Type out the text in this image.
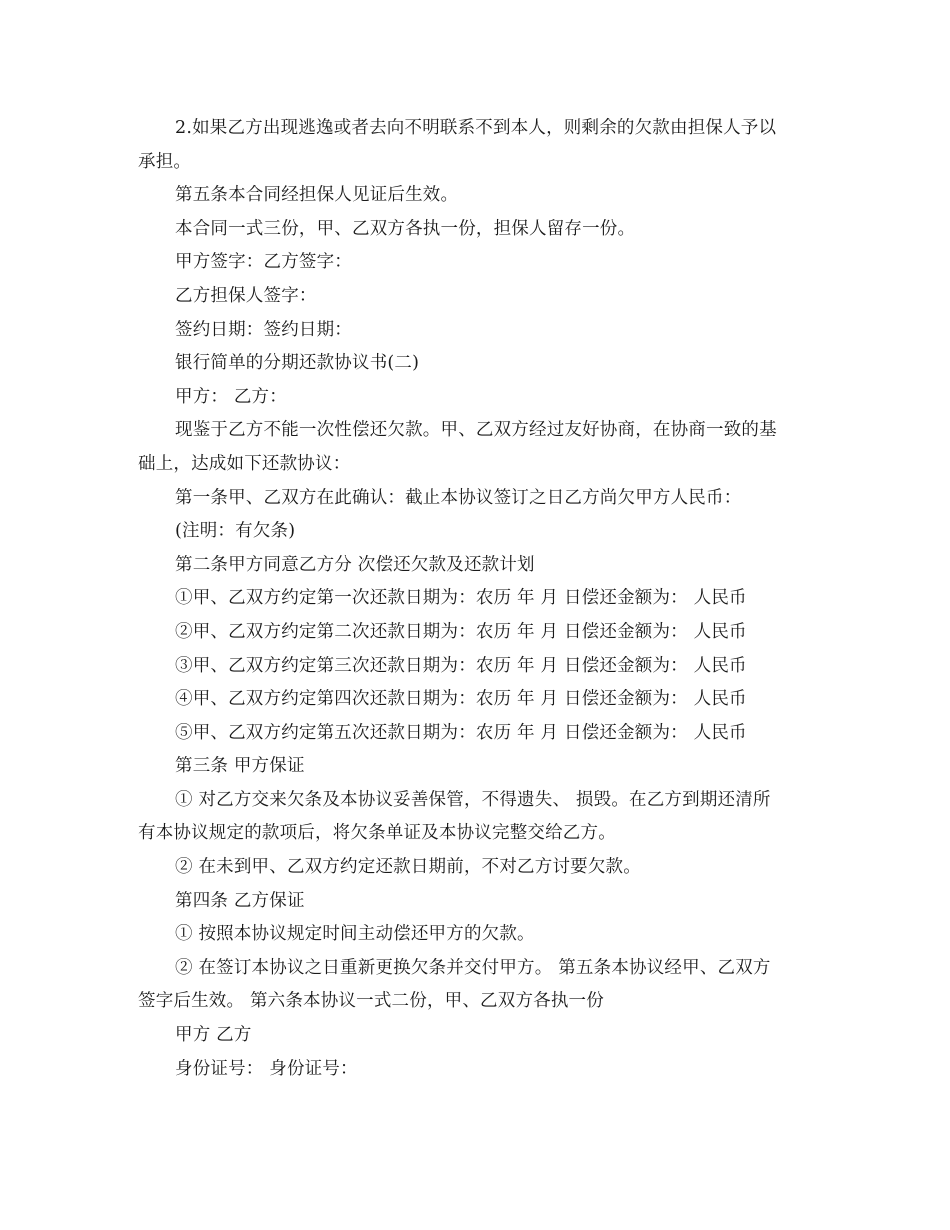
2.如果乙方出现逃逸或者去向不明联系不到本人，则剩余的欠款由担保人予以

承担。

第五条本合同经担保人见证后生效。

本合同一式三份，甲、乙双方各执一份，担保人留存一份。

甲方签字：乙方签字：

乙方担保人签字：

签约日期：签约日期：

银行简单的分期还款协议书(二)

甲方： 乙方：

现鉴于乙方不能一次性偿还欠款。甲、乙双方经过友好协商，在协商一致的基

础上，达成如下还款协议：

第一条甲、乙双方在此确认：截止本协议签订之日乙方尚欠甲方人民币：

(注明：有欠条)

第二条甲方同意乙方分 次偿还欠款及还款计划

①甲、乙双方约定第一次还款日期为：农历 年 月 日偿还金额为： 人民币

②甲、乙双方约定第二次还款日期为：农历 年 月 日偿还金额为： 人民币

③甲、乙双方约定第三次还款日期为：农历 年 月 日偿还金额为： 人民币

④甲、乙双方约定第四次还款日期为：农历 年 月 日偿还金额为： 人民币

⑤甲、乙双方约定第五次还款日期为：农历 年 月 日偿还金额为： 人民币

第三条 甲方保证

① 对乙方交来欠条及本协议妥善保管，不得遗失、 损毁。在乙方到期还清所

有本协议规定的款项后，将欠条单证及本协议完整交给乙方。

② 在未到甲、乙双方约定还款日期前，不对乙方讨要欠款。

第四条 乙方保证

① 按照本协议规定时间主动偿还甲方的欠款。

② 在签订本协议之日重新更换欠条并交付甲方。 第五条本协议经甲、乙双方

签字后生效。 第六条本协议一式二份，甲、乙双方各执一份

甲方 乙方

身份证号： 身份证号：
